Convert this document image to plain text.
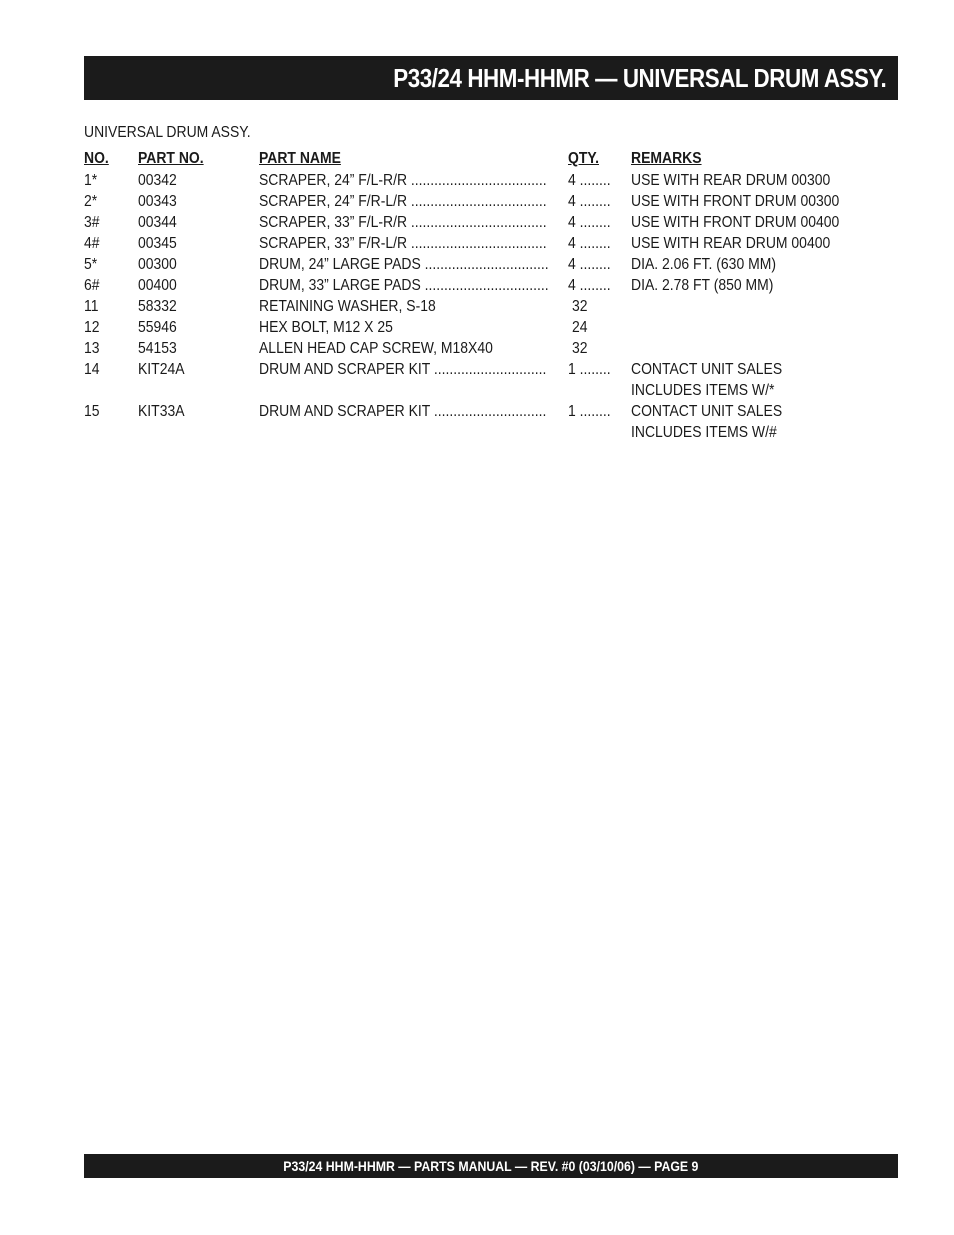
P33/24 HHM-HHMR — UNIVERSAL DRUM ASSY.
UNIVERSAL DRUM ASSY.
NO. PART NO.	PART NAME	QTY. REMARKS
1*	00342	SCRAPER, 24” F/L-R/R ................................... 4 ........ USE WITH REAR DRUM 00300
2*	00343	SCRAPER, 24” F/R-L/R ................................... 4 ........ USE WITH FRONT DRUM 00300
3# 00344	SCRAPER, 33” F/L-R/R ................................... 4 ........ USE WITH FRONT DRUM 00400
4# 00345	SCRAPER, 33” F/R-L/R ................................... 4 ........ USE WITH REAR DRUM 00400
5*	00300	DRUM, 24” LARGE PADS ................................ 4 ........ DIA. 2.06 FT. (630 MM)
6# 00400	DRUM, 33” LARGE PADS ................................ 4 ........ DIA. 2.78 FT (850 MM)
11	58332	RETAINING WASHER, S-18	32
12 55946	HEX BOLT, M12 X 25	24
13 54153	ALLEN HEAD CAP SCREW, M18X40	32
14 KIT24A	DRUM AND SCRAPER KIT ............................. 1 ........ CONTACT UNIT SALES
INCLUDES ITEMS W/*
15 KIT33A	DRUM AND SCRAPER KIT ............................. 1 ........ CONTACT UNIT SALES
INCLUDES ITEMS W/#
P33/24 HHM-HHMR — PARTS MANUAL — REV. #0 (03/10/06) — PAGE 9
